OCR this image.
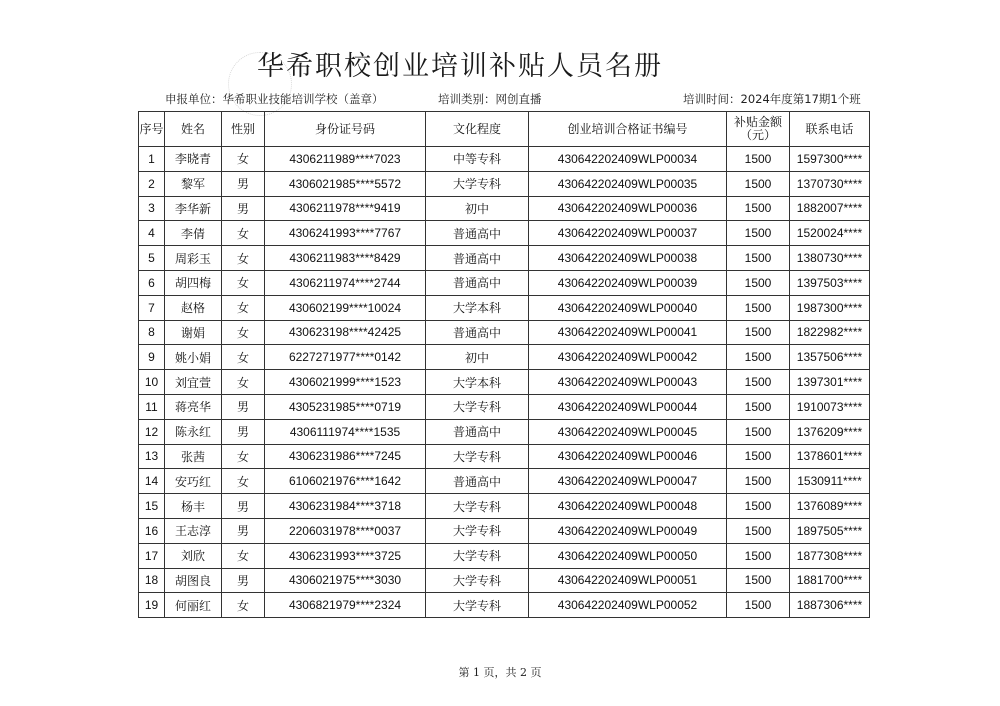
华希职校创业培训补贴人员名册
申报单位：华希职业技能培训学校（盖章）	培训类别：网创直播	培训时间：2024年度第17期1个班
序号	姓名	性别	身份证号码	文化程度	创业培训合格证书编号	补贴金额（元）	联系电话
1	李晓青	女	4306211989****7023	中等专科	430642202409WLP00034	1500	1597300****
2	黎军	男	4306021985****5572	大学专科	430642202409WLP00035	1500	1370730****
3	李华新	男	4306211978****9419	初中	430642202409WLP00036	1500	1882007****
4	李倩	女	4306241993****7767	普通高中	430642202409WLP00037	1500	1520024****
5	周彩玉	女	4306211983****8429	普通高中	430642202409WLP00038	1500	1380730****
6	胡四梅	女	4306211974****2744	普通高中	430642202409WLP00039	1500	1397503****
7	赵格	女	430602199****10024	大学本科	430642202409WLP00040	1500	1987300****
8	谢娟	女	430623198****42425	普通高中	430642202409WLP00041	1500	1822982****
9	姚小娟	女	6227271977****0142	初中	430642202409WLP00042	1500	1357506****
10	刘宜萱	女	4306021999****1523	大学本科	430642202409WLP00043	1500	1397301****
11	蒋亮华	男	4305231985****0719	大学专科	430642202409WLP00044	1500	1910073****
12	陈永红	男	4306111974****1535	普通高中	430642202409WLP00045	1500	1376209****
13	张茜	女	4306231986****7245	大学专科	430642202409WLP00046	1500	1378601****
14	安巧红	女	6106021976****1642	普通高中	430642202409WLP00047	1500	1530911****
15	杨丰	男	4306231984****3718	大学专科	430642202409WLP00048	1500	1376089****
16	王志淳	男	2206031978****0037	大学专科	430642202409WLP00049	1500	1897505****
17	刘欣	女	4306231993****3725	大学专科	430642202409WLP00050	1500	1877308****
18	胡图良	男	4306021975****3030	大学专科	430642202409WLP00051	1500	1881700****
19	何丽红	女	4306821979****2324	大学专科	430642202409WLP00052	1500	1887306****
第 1 页，共 2 页
